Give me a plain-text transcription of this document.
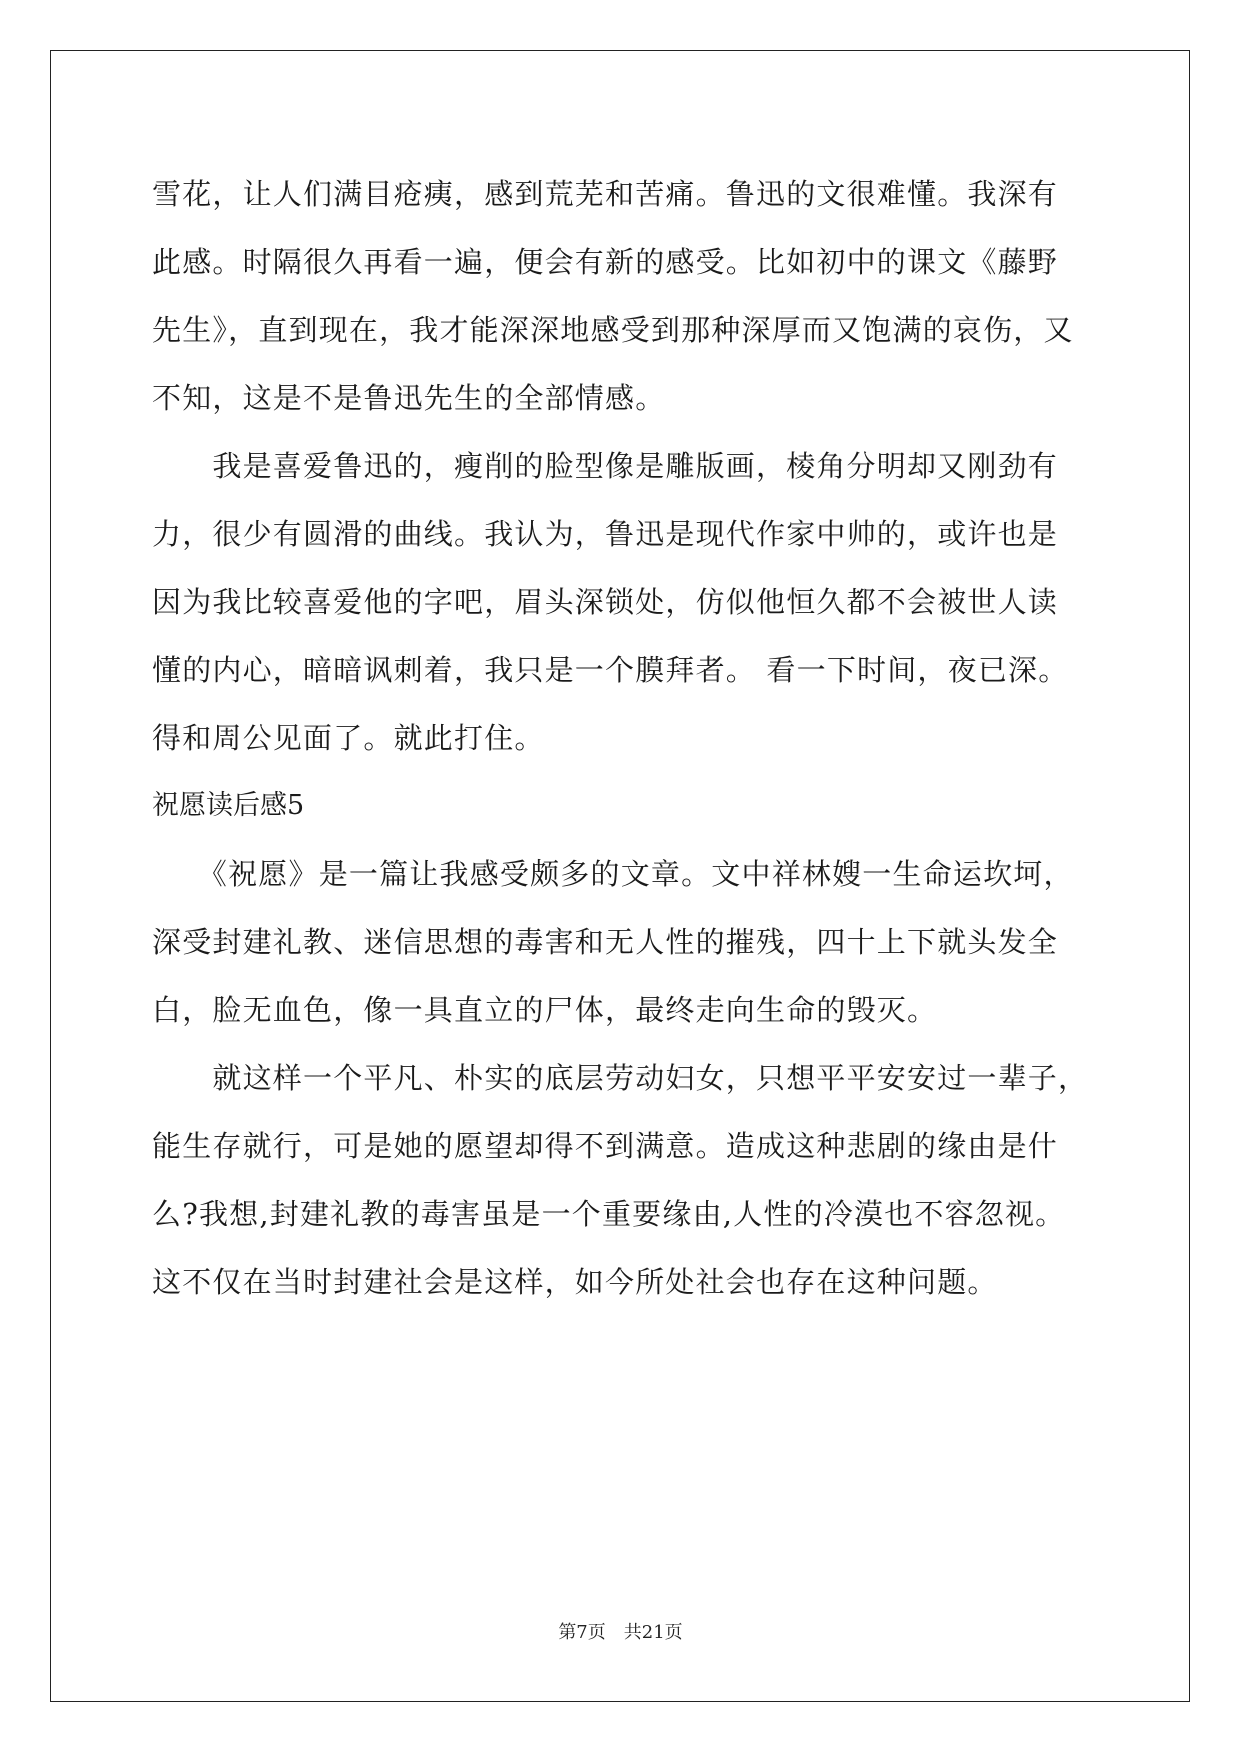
雪花，让人们满目疮痍，感到荒芜和苦痛。鲁迅的文很难懂。我深有
此感。时隔很久再看一遍，便会有新的感受。比如初中的课文《藤野
先生》，直到现在，我才能深深地感受到那种深厚而又饱满的哀伤，又
不知，这是不是鲁迅先生的全部情感。
　　我是喜爱鲁迅的，瘦削的脸型像是雕版画，棱角分明却又刚劲有
力，很少有圆滑的曲线。我认为，鲁迅是现代作家中帅的，或许也是
因为我比较喜爱他的字吧，眉头深锁处，仿似他恒久都不会被世人读
懂的内心，暗暗讽刺着，我只是一个膜拜者。 看一下时间，夜已深。
得和周公见面了。就此打住。
祝愿读后感5
　　《祝愿》是一篇让我感受颇多的文章。文中祥林嫂一生命运坎坷，
深受封建礼教、迷信思想的毒害和无人性的摧残，四十上下就头发全
白，脸无血色，像一具直立的尸体，最终走向生命的毁灭。
　　就这样一个平凡、朴实的底层劳动妇女，只想平平安安过一辈子，
能生存就行，可是她的愿望却得不到满意。造成这种悲剧的缘由是什
么?我想,封建礼教的毒害虽是一个重要缘由,人性的冷漠也不容忽视。
这不仅在当时封建社会是这样，如今所处社会也存在这种问题。
第7页　共21页
